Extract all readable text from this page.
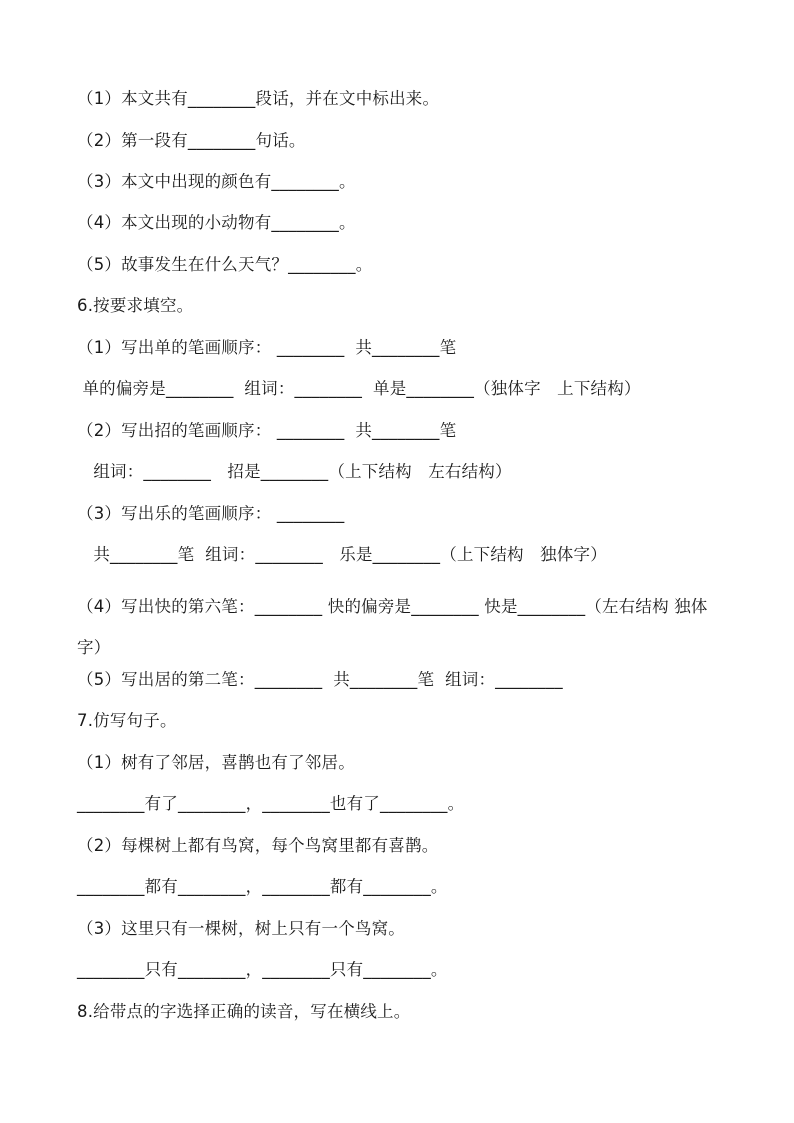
（1）本文共有________段话，并在文中标出来。
（2）第一段有________句话。
（3）本文中出现的颜色有________。
（4）本文出现的小动物有________。
（5）故事发生在什么天气？________。
6.按要求填空。
（1）写出单的笔画顺序： ________  共________笔
单的偏旁是________  组词：________  单是________（独体字   上下结构）
（2）写出招的笔画顺序： ________  共________笔
组词：________   招是________（上下结构   左右结构）
（3）写出乐的笔画顺序： ________
共________笔  组词：________   乐是________（上下结构   独体字）
（4）写出快的第六笔：________ 快的偏旁是________ 快是________（左右结构 独体字）
（5）写出居的第二笔：________  共________笔  组词：________
7.仿写句子。
（1）树有了邻居，喜鹊也有了邻居。
________有了________，________也有了________。
（2）每棵树上都有鸟窝，每个鸟窝里都有喜鹊。
________都有________，________都有________。
（3）这里只有一棵树，树上只有一个鸟窝。
________只有________，________只有________。
8.给带点的字选择正确的读音，写在横线上。
